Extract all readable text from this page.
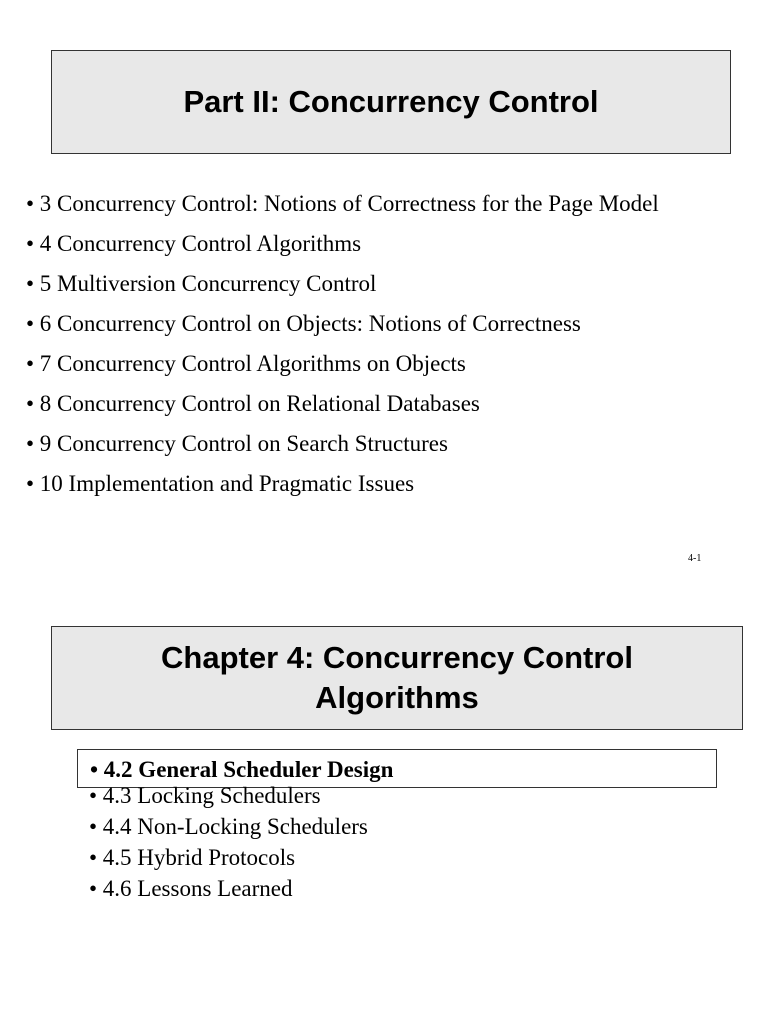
Part II: Concurrency Control
• 3 Concurrency Control: Notions of Correctness for the Page Model
• 4 Concurrency Control Algorithms
• 5 Multiversion Concurrency Control
• 6 Concurrency Control on Objects: Notions of Correctness
• 7 Concurrency Control Algorithms on Objects
• 8 Concurrency Control on Relational Databases
• 9 Concurrency Control on Search Structures
• 10 Implementation and Pragmatic Issues
4-1
Chapter 4: Concurrency Control
Algorithms
• 4.2 General Scheduler Design
• 4.3 Locking Schedulers
• 4.4 Non-Locking Schedulers
• 4.5 Hybrid Protocols
• 4.6 Lessons Learned
